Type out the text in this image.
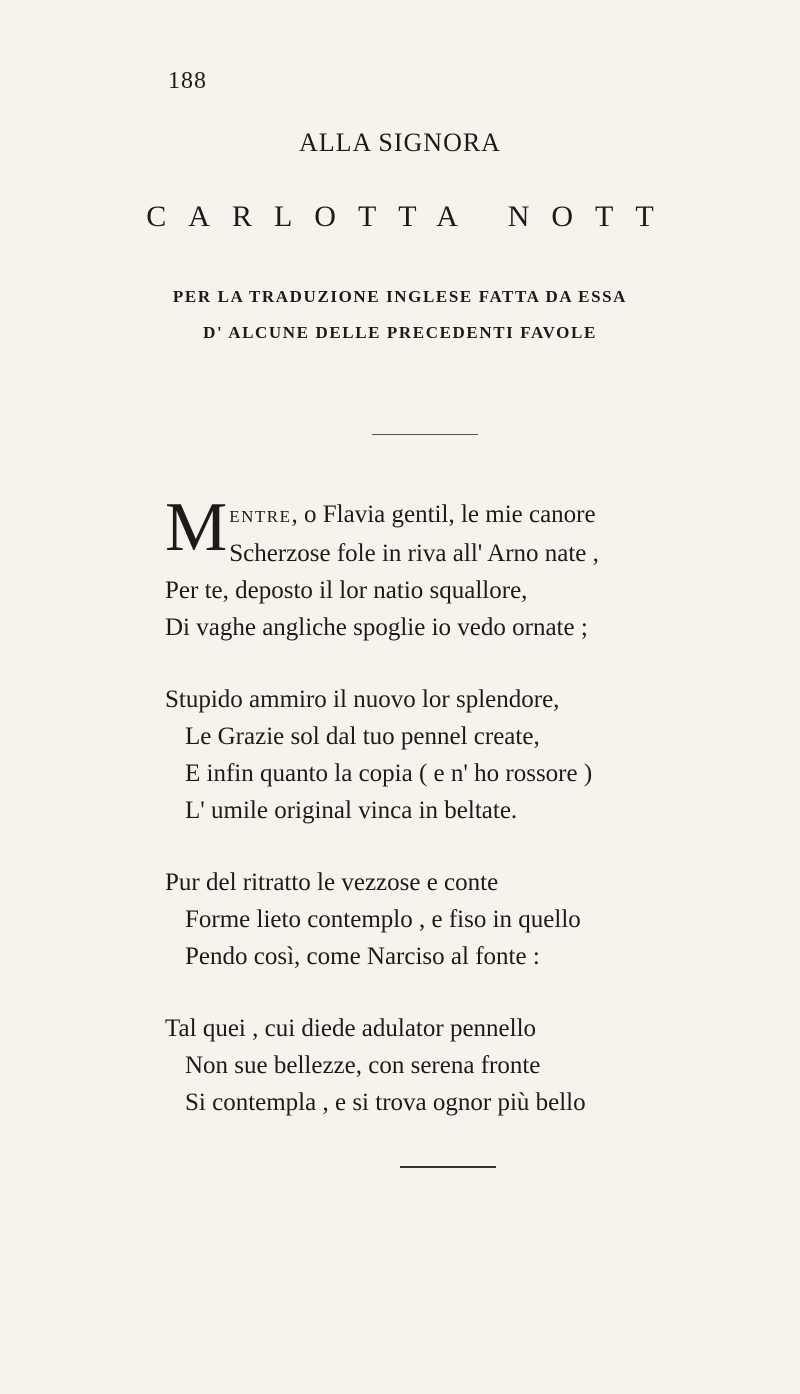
188
ALLA SIGNORA
CARLOTTA NOTT
PER LA TRADUZIONE INGLESE FATTA DA ESSA
D' ALCUNE DELLE PRECEDENTI FAVOLE
MENTRE, o Flavia gentil, le mie canore
Scherzose fole in riva all' Arno nate ,
Per te, deposto il lor natio squallore,
Di vaghe angliche spoglie io vedo ornate ;
Stupido ammiro il nuovo lor splendore,
Le Grazie sol dal tuo pennel create,
E infin quanto la copia ( e n' ho rossore )
L' umile original vinca in beltate.
Pur del ritratto le vezzose e conte
Forme lieto contemplo , e fiso in quello
Pendo così, come Narciso al fonte :
Tal quei , cui diede adulator pennello
Non sue bellezze, con serena fronte
Si contempla , e si trova ognor più bello
